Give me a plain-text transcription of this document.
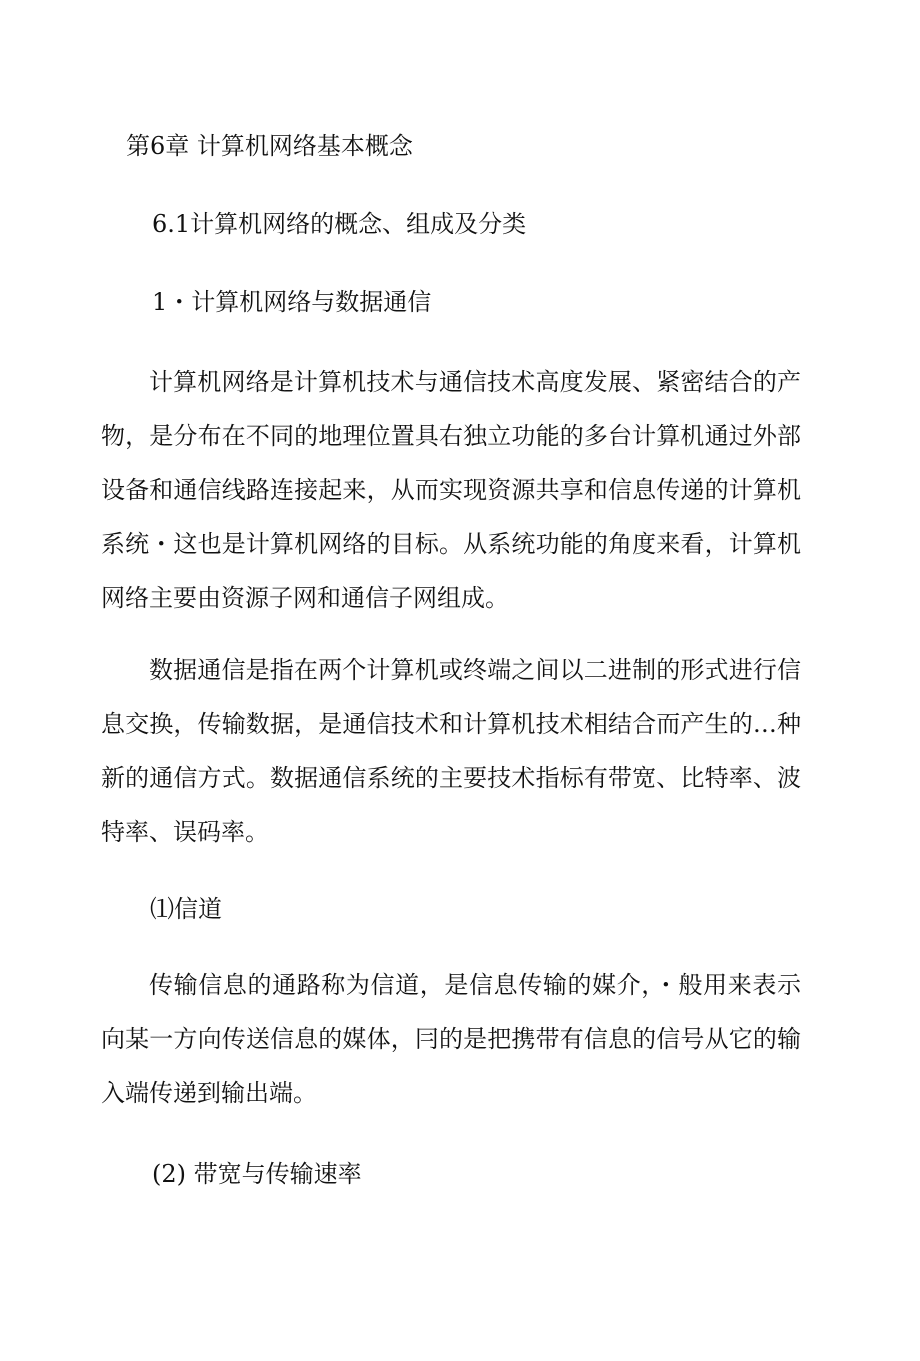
第6章 计算机网络基本概念
6.1计算机网络的概念、组成及分类
1・计算机网络与数据通信

计算机网络是计算机技术与通信技术高度发展、紧密结合的产物，是分布在不同的地理位置具右独立功能的多台计算机通过外部设备和通信线路连接起来，从而实现资源共享和信息传递的计算机系统・这也是计算机网络的目标。从系统功能的角度来看，计算机网络主要由资源子网和通信子网组成。

数据通信是指在两个计算机或终端之间以二进制的形式进行信息交换，传输数据，是通信技术和计算机技术相结合而产生的…种新的通信方式。数据通信系统的主要技术指标有带宽、比特率、波特率、误码率。

⑴信道

传输信息的通路称为信道，是信息传输的媒介，・般用来表示向某一方向传送信息的媒体，冃的是把携带有信息的信号从它的输入端传递到输出端。

(2) 带宽与传输速率
